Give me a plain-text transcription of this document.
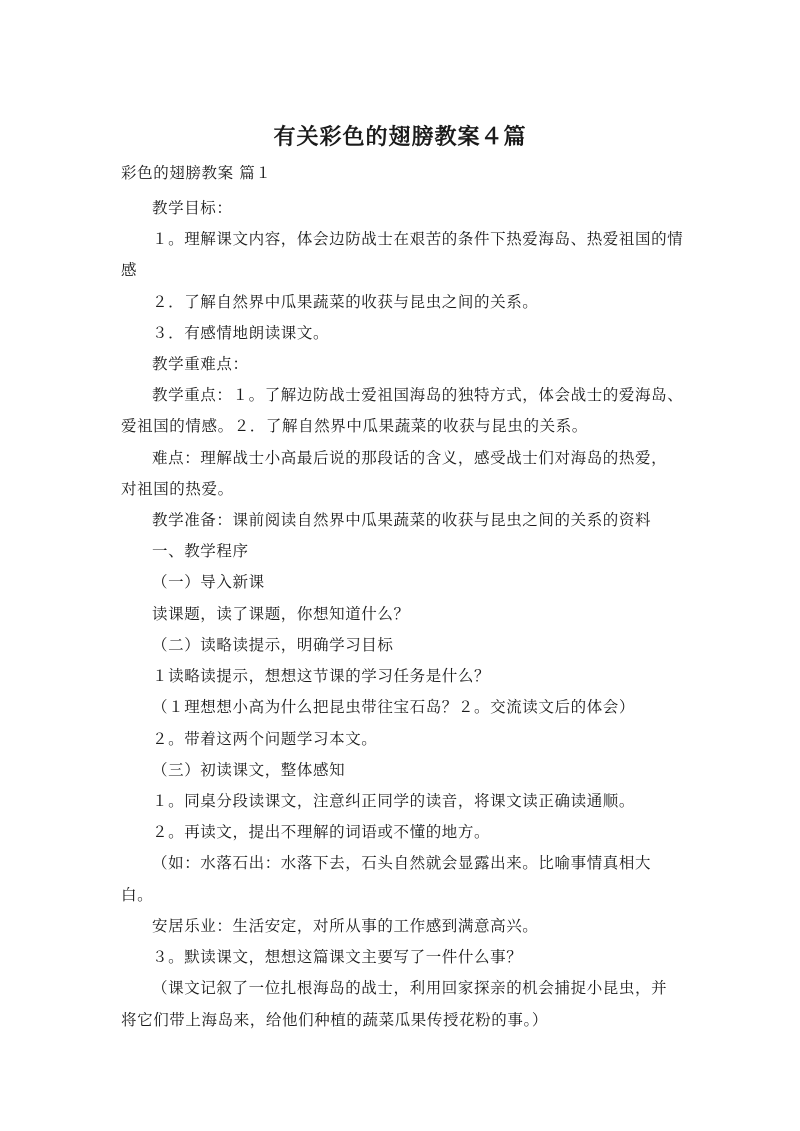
有关彩色的翅膀教案４篇
彩色的翅膀教案 篇１
教学目标：
１。理解课文内容，体会边防战士在艰苦的条件下热爱海岛、热爱祖国的情
感
２．了解自然界中瓜果蔬菜的收获与昆虫之间的关系。
３．有感情地朗读课文。
教学重难点：
教学重点：１。了解边防战士爱祖国海岛的独特方式，体会战士的爱海岛、
爱祖国的情感。２．了解自然界中瓜果蔬菜的收获与昆虫的关系。
难点：理解战士小高最后说的那段话的含义，感受战士们对海岛的热爱，
对祖国的热爱。
教学准备：课前阅读自然界中瓜果蔬菜的收获与昆虫之间的关系的资料
一、教学程序
（一）导入新课
读课题，读了课题，你想知道什么？
（二）读略读提示，明确学习目标
１读略读提示，想想这节课的学习任务是什么？
（１理想想小高为什么把昆虫带往宝石岛？２。交流读文后的体会）
２。带着这两个问题学习本文。
（三）初读课文，整体感知
１。同桌分段读课文，注意纠正同学的读音，将课文读正确读通顺。
２。再读文，提出不理解的词语或不懂的地方。
（如：水落石出：水落下去，石头自然就会显露出来。比喻事情真相大
白。
安居乐业：生活安定，对所从事的工作感到满意高兴。
３。默读课文，想想这篇课文主要写了一件什么事？
（课文记叙了一位扎根海岛的战士，利用回家探亲的机会捕捉小昆虫，并
将它们带上海岛来，给他们种植的蔬菜瓜果传授花粉的事。）
